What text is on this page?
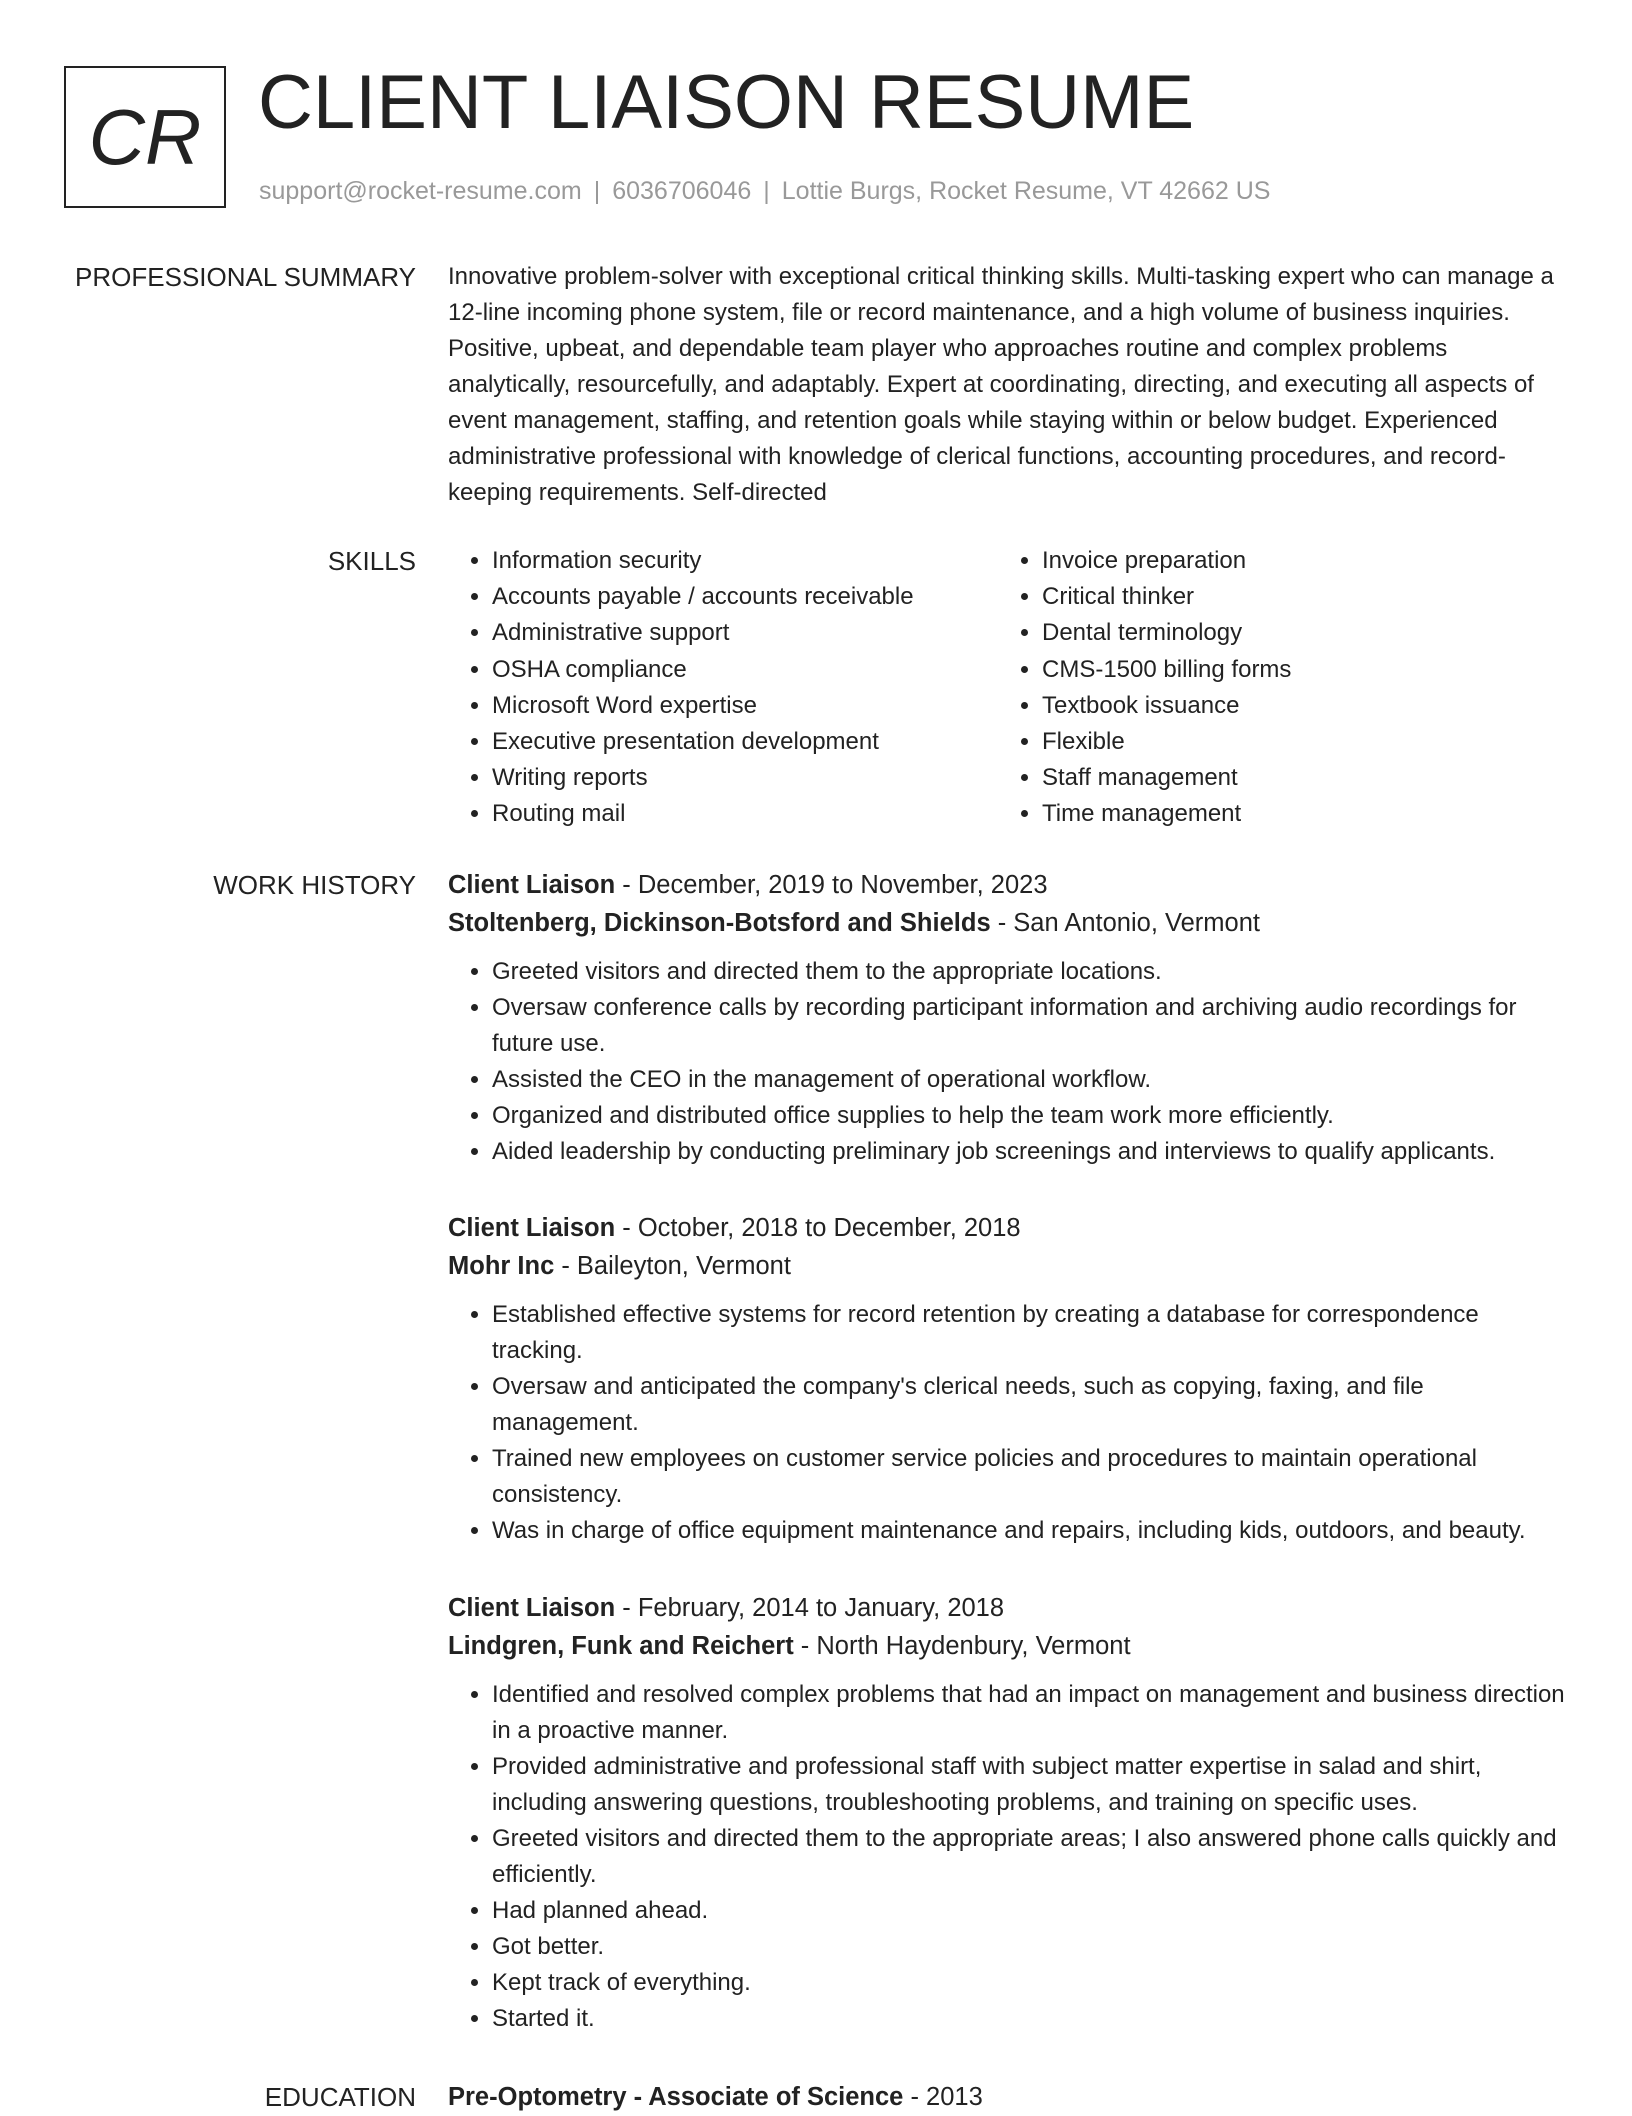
CR CLIENT LIAISON RESUME
support@rocket-resume.com | 6036706046 | Lottie Burgs, Rocket Resume, VT 42662 US
PROFESSIONAL SUMMARY Innovative problem-solver with exceptional critical thinking skills. Multi-tasking expert who can manage a 12-line incoming phone system, file or record maintenance, and a high volume of business inquiries. Positive, upbeat, and dependable team player who approaches routine and complex problems analytically, resourcefully, and adaptably. Expert at coordinating, directing, and executing all aspects of event management, staffing, and retention goals while staying within or below budget. Experienced administrative professional with knowledge of clerical functions, accounting procedures, and record-keeping requirements. Self-directed
SKILLS
•	Information security
• Accounts payable / accounts receivable
• Administrative support
• OSHA compliance
• Microsoft Word expertise
• Executive presentation development
• Writing reports
• Routing mail
• Invoice preparation
• Critical thinker
• Dental terminology
• CMS-1500 billing forms
• Textbook issuance
• Flexible
• Staff management
• Time management
WORK HISTORY Client Liaison - December, 2019 to November, 2023
Stoltenberg, Dickinson-Botsford and Shields - San Antonio, Vermont
• Greeted visitors and directed them to the appropriate locations.
• Oversaw conference calls by recording participant information and archiving audio recordings for future use.
• Assisted the CEO in the management of operational workflow.
• Organized and distributed office supplies to help the team work more efficiently.
• Aided leadership by conducting preliminary job screenings and interviews to qualify applicants.
Client Liaison - October, 2018 to December, 2018
Mohr Inc - Baileyton, Vermont
• Established effective systems for record retention by creating a database for correspondence tracking.
• Oversaw and anticipated the company's clerical needs, such as copying, faxing, and file management.
• Trained new employees on customer service policies and procedures to maintain operational consistency.
• Was in charge of office equipment maintenance and repairs, including kids, outdoors, and beauty.
Client Liaison - February, 2014 to January, 2018
Lindgren, Funk and Reichert - North Haydenbury, Vermont
• Identified and resolved complex problems that had an impact on management and business direction in a proactive manner.
• Provided administrative and professional staff with subject matter expertise in salad and shirt, including answering questions, troubleshooting problems, and training on specific uses.
• Greeted visitors and directed them to the appropriate areas; I also answered phone calls quickly and efficiently.
• Had planned ahead.
• Got better.
• Kept track of everything.
• Started it.
EDUCATION Pre-Optometry - Associate of Science - 2013
